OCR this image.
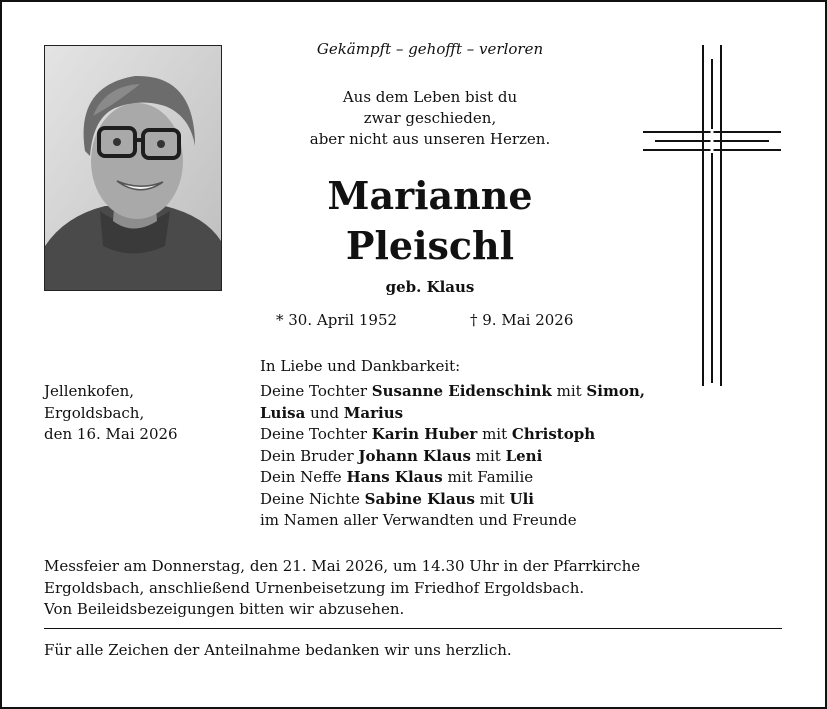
Gekämpft – gehofft – verloren
Aus dem Leben bist du
zwar geschieden,
aber nicht aus unseren Herzen.
Marianne
Pleischl
geb. Klaus
* 30. April 1952	† 9. Mai 2026
In Liebe und Dankbarkeit:
Jellenkofen,
Ergoldsbach,
den 16. Mai 2026
Deine Tochter Susanne Eidenschink mit Simon,
Luisa und Marius
Deine Tochter Karin Huber mit Christoph
Dein Bruder Johann Klaus mit Leni
Dein Neffe Hans Klaus mit Familie
Deine Nichte Sabine Klaus mit Uli
im Namen aller Verwandten und Freunde
Messfeier am Donnerstag, den 21. Mai 2026, um 14.30 Uhr in der Pfarrkirche
Ergoldsbach, anschließend Urnenbeisetzung im Friedhof Ergoldsbach.
Von Beileidsbezeigungen bitten wir abzusehen.
Für alle Zeichen der Anteilnahme bedanken wir uns herzlich.
